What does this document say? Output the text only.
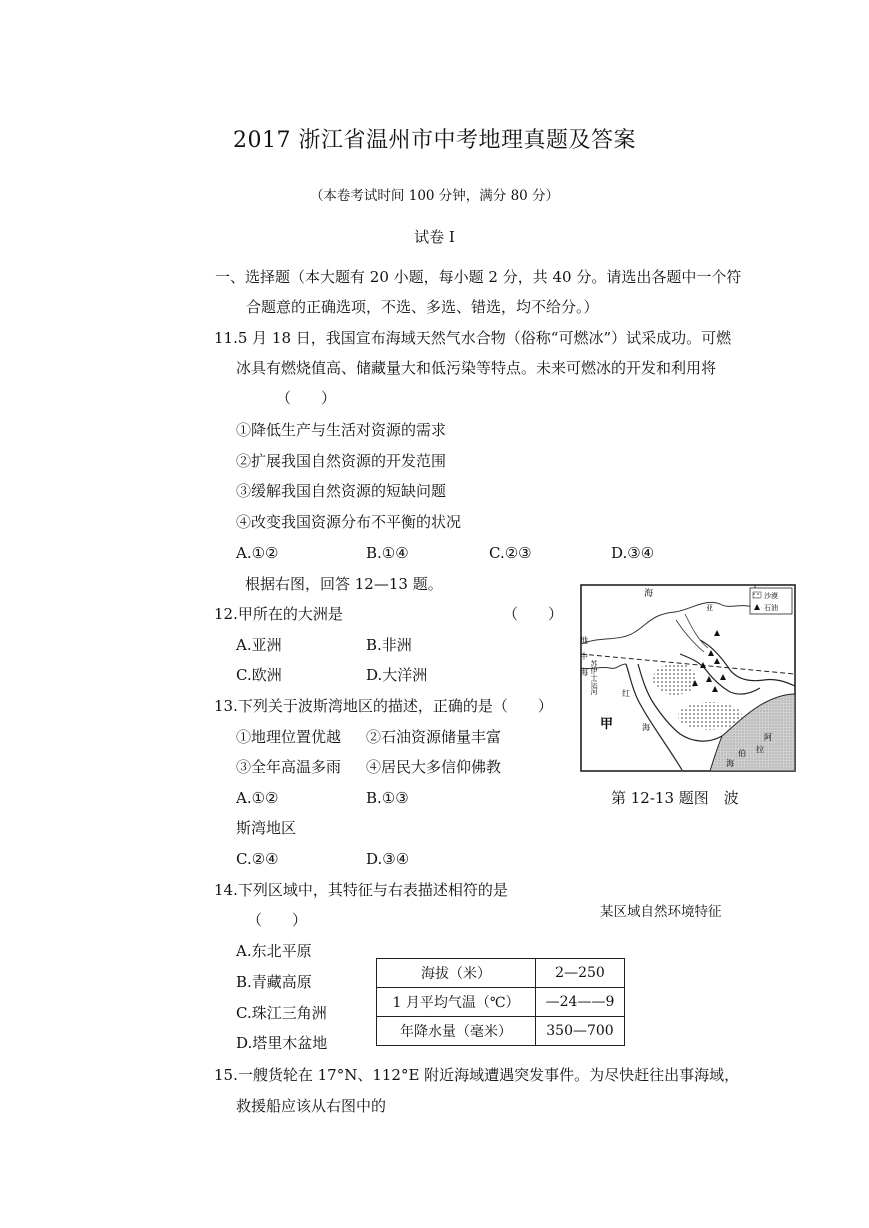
2017 浙江省温州市中考地理真题及答案
（本卷考试时间 100 分钟，满分 80 分）
试卷 I
一、选择题（本大题有 20 小题，每小题 2 分，共 40 分。请选出各题中一个符
合题意的正确选项，不选、多选、错选，均不给分。）
11.5 月 18 日，我国宣布海域天然气水合物（俗称“可燃冰”）试采成功。可燃
冰具有燃烧值高、储藏量大和低污染等特点。未来可燃冰的开发和利用将
（　　）
①降低生产与生活对资源的需求
②扩展我国自然资源的开发范围
③缓解我国自然资源的短缺问题
④改变我国资源分布不平衡的状况
A.①②	B.①④	C.②③	D.③④
根据右图，回答 12—13 题。
12.甲所在的大洲是	（　　）
A.亚洲	B.非洲
C.欧洲	D.大洋洲
13.下列关于波斯湾地区的描述，正确的是（　　）
①地理位置优越 ②石油资源储量丰富
③全年高温多雨 ④居民大多信仰佛教
A.①②	B.①③
C.②④	D.③④
沙漠
石油
海
地　中　海
苏伊士运河	红
海
甲
阿
拉
伯
海
亚
第 12-13 题图　波
斯湾地区
14.下列区域中，其特征与右表描述相符的是
（　　）	某区域自然环境特征
A.东北平原
B.青藏高原
C.珠江三角洲
D.塔里木盆地
海拔（米）	2—250
1 月平均气温（℃）	—24——9
年降水量（毫米）	350—700
15.一艘货轮在 17°N、112°E 附近海域遭遇突发事件。为尽快赶往出事海域，
救援船应该从右图中的
